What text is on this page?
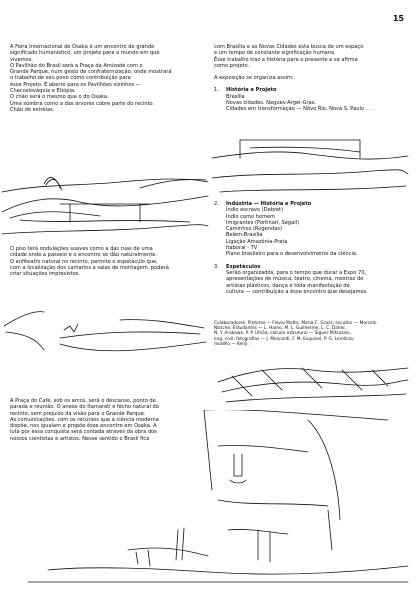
15
A Feira Internacional de Osaka é um encontro de grande
significado humanístico, um projeto para o mundo em que
vivemos.
O Pavilhão do Brasil será a Praça da Amizade com o
Grande Parque, num gesto de confraternização, onde mostrará
o trabalho de seu povo como contribuição para
êsse Projeto. É aberto para os Pavilhões vizinhos —
Checoslováquia e Etiópia.
O chão será o mesmo que o do Osaka.
Uma sombra como a das árvores cobre parte do recinto.
Chão de estrêlas.
O piso terá ondulações suaves como a das ruas de uma
cidade onde a passeio e o encontro se dão naturalmente.
O anfiteatro natural no recinto, permite o espetáculo que,
com a localização dos camarins e salas de montagem, poderá
criar situações imprevistos.
A Praça do Café, sob os arcos, será o descanso, ponto de
parada e reunião. O anexo do Itamarati é fêcho natural do
recinto, sem prejuízo da visão para o Grande Parque.
As comunicações, com os recursos que a ciência moderna
dispõe, nos igualam e propõe êsse encontro em Osaka. A
luta por essa conquista será contada através da obra dos
nossos cientistas e artistos. Nesse sentido o Brasil fica
com Brasília e as Novas Cidades esta busca de um espaço
e um tempo de constante significação humana.
Êsse trabalho traz a história para o presente e se afirma
como projeto.
A exposição se organiza assim:
1. História e Projeto
Brasília
Novas cidades. Neguev-Argel-Gras.
Cidades em transformação — Nôvo Rio, Nova S. Paulo . . .
2. Indústria — História e Projeto
Índio escravo (Debret)
Índio como homem
Imigrantes (Portinari, Segall)
Caminhos (Rugendas)
Belém-Brasília
Ligação Amazônia-Prata
Itaboraí - TV
Plano brasileiro para o desenvolvimento da ciência.
3. Espetáculos
Serão organizados, para o tempo que durar a Expo 70,
apresentações de música, teatro, cinema, mostras de
artistas plásticos, dança e tôda manifestação de
cultura — contribuição a êsse encontro que desejamos.
Colaboradores: Pintores — Flavio Motta, Maria C. Grass; escultor — Marcelo
Nitsche; Estudantes — L. Hamo, M. L. Guilherme, L. C. Daher,
N. Y. Arakawa, P. P. Ulhôa; cálculo estrutural — Siguer Mitsutani,
eng. civil; fotografias — J. Moscardi, F. M. Esquivel, P. G. Lerollina;
modêlo — Kenji.
